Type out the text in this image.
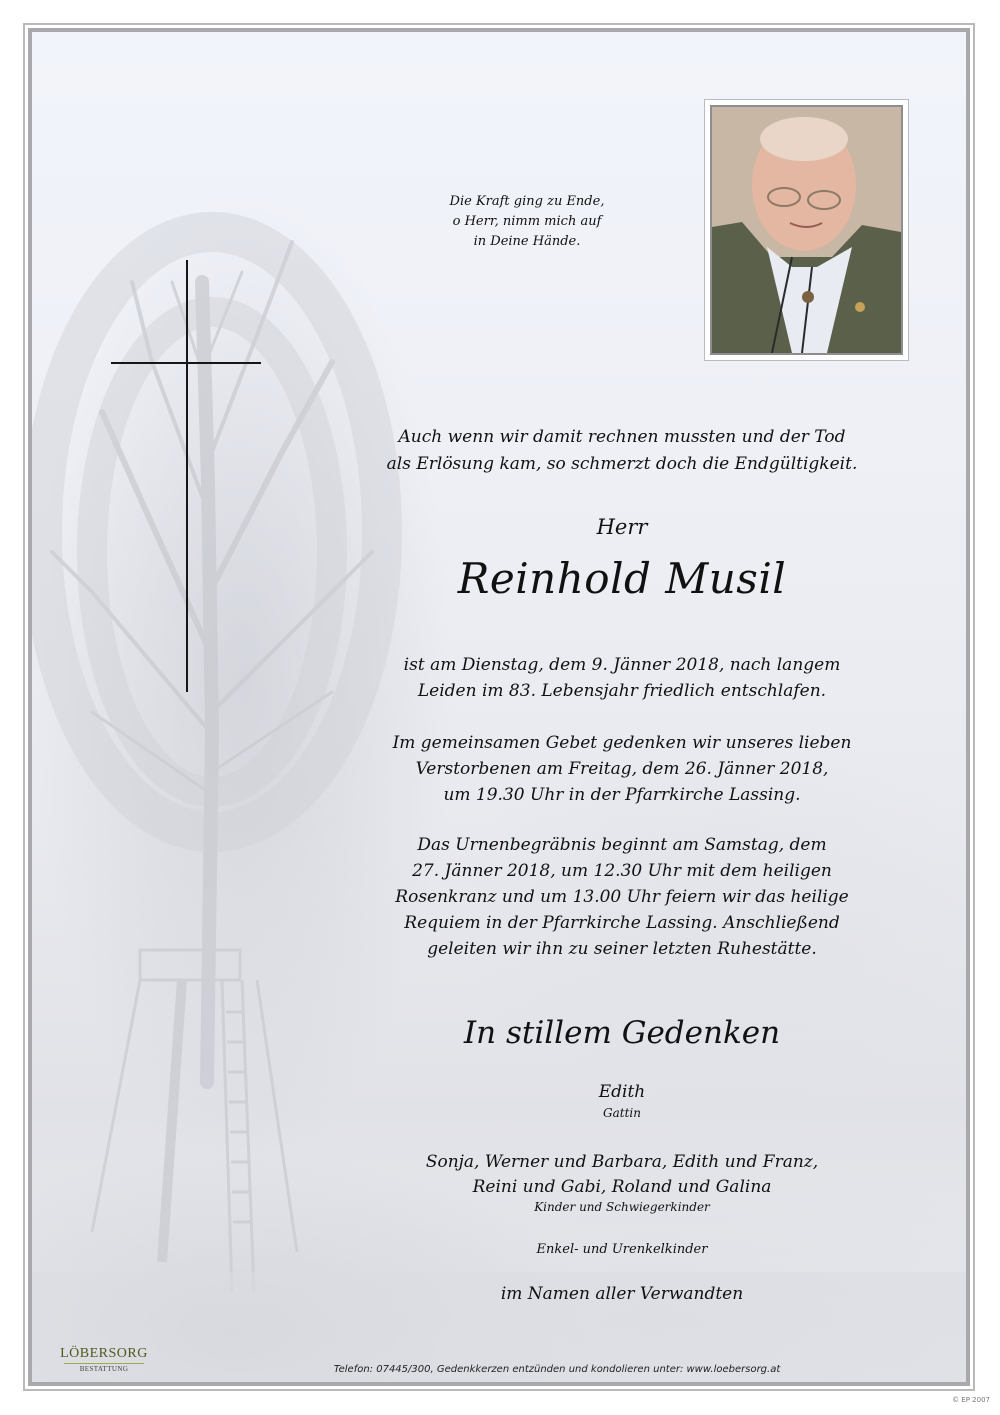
Die Kraft ging zu Ende,
o Herr, nimm mich auf
in Deine Hände.
Auch wenn wir damit rechnen mussten und der Tod
als Erlösung kam, so schmerzt doch die Endgültigkeit.
Herr
Reinhold Musil
ist am Dienstag, dem 9. Jänner 2018, nach langem
Leiden im 83. Lebensjahr friedlich entschlafen.
Im gemeinsamen Gebet gedenken wir unseres lieben
Verstorbenen am Freitag, dem 26. Jänner 2018,
um 19.30 Uhr in der Pfarrkirche Lassing.
Das Urnenbegräbnis beginnt am Samstag, dem
27. Jänner 2018, um 12.30 Uhr mit dem heiligen
Rosenkranz und um 13.00 Uhr feiern wir das heilige
Requiem in der Pfarrkirche Lassing. Anschließend
geleiten wir ihn zu seiner letzten Ruhestätte.
In stillem Gedenken
Edith
Gattin
Sonja, Werner und Barbara, Edith und Franz,
Reini und Gabi, Roland und Galina
Kinder und Schwiegerkinder
Enkel- und Urenkelkinder
im Namen aller Verwandten
LÖBERSORG
BESTATTUNG	Telefon: 07445/300, Gedenkkerzen entzünden und kondolieren unter: www.loebersorg.at
© EP 2007
